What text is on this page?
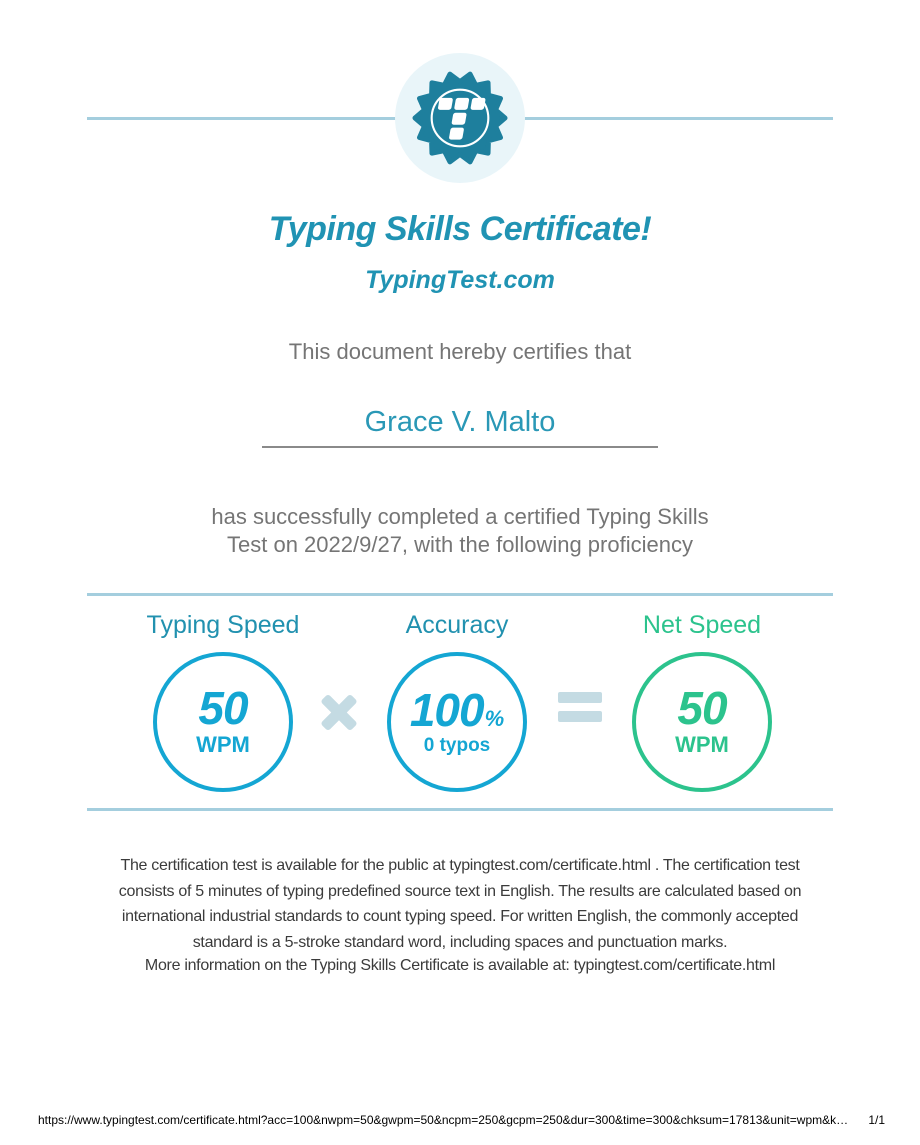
Typing Skills Certificate!
TypingTest.com
This document hereby certifies that
Grace V. Malto
has successfully completed a certified Typing Skills
Test on 2022/9/27, with the following proficiency
Typing Speed	Accuracy	Net Speed
50
WPM
100 %
0 typos
50
WPM
The certification test is available for the public at typingtest.com/certificate.html . The certification test
consists of 5 minutes of typing predefined source text in English. The results are calculated based on
international industrial standards to count typing speed. For written English, the commonly accepted
standard is a 5-stroke standard word, including spaces and punctuation marks.
More information on the Typing Skills Certificate is available at: typingtest.com/certificate.html
https://www.typingtest.com/certificate.html?acc=100&nwpm=50&gwpm=50&ncpm=250&gcpm=250&dur=300&time=300&chksum=17813&unit=wpm&k… 1/1
